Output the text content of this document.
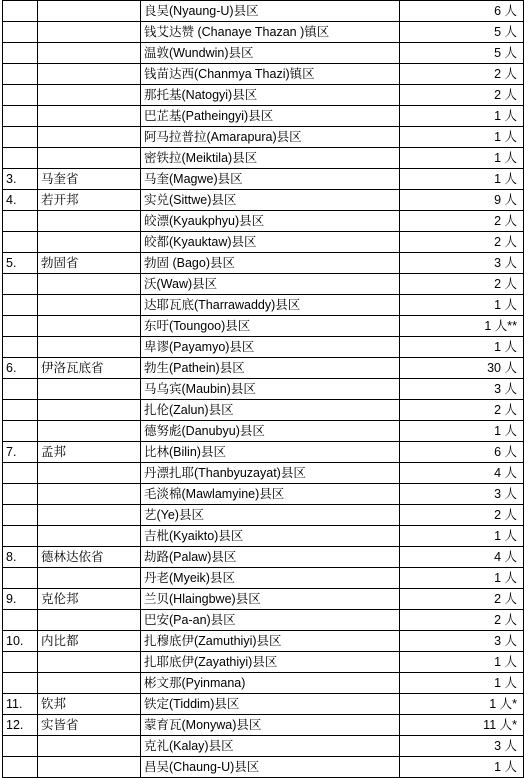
		良吴(Nyaung-U)县区	6 人
		钱艾达赞 (Chanaye Thazan )镇区	5 人
		温敦(Wundwin)县区	5 人
		钱苗达西(Chanmya Thazi)镇区	2 人
		那托基(Natogyi)县区	2 人
		巴芷基(Patheingyi)县区	1 人
		阿马拉普拉(Amarapura)县区	1 人
		密铁拉(Meiktila)县区	1 人
3.	马奎省	马奎(Magwe)县区	1 人
4.	若开邦	实兑(Sittwe)县区	9 人
		皎漂(Kyaukphyu)县区	2 人
		皎都(Kyauktaw)县区	2 人
5.	勃固省	勃固 (Bago)县区	3 人
		沃(Waw)县区	2 人
		达耶瓦底(Tharrawaddy)县区	1 人
		东吁(Toungoo)县区	1 人**
		卑谬(Payamyo)县区	1 人
6.	伊洛瓦底省	勃生(Pathein)县区	30 人
		马乌宾(Maubin)县区	3 人
		扎伦(Zalun)县区	2 人
		德努彪(Danubyu)县区	1 人
7.	孟邦	比林(Bilin)县区	6 人
		丹漂扎耶(Thanbyuzayat)县区	4 人
		毛淡棉(Mawlamyine)县区	3 人
		艺(Ye)县区	2 人
		吉枇(Kyaikto)县区	1 人
8.	德林达依省	劫路(Palaw)县区	4 人
		丹老(Myeik)县区	1 人
9.	克伦邦	兰贝(Hlaingbwe)县区	2 人
		巴安(Pa-an)县区	2 人
10.	内比都	扎穆底伊(Zamuthiyi)县区	3 人
		扎耶底伊(Zayathiyi)县区	1 人
		彬文那(Pyinmana)	1 人
11.	钦邦	铁定(Tiddim)县区	1 人*
12.	实皆省	蒙育瓦(Monywa)县区	11 人*
		克礼(Kalay)县区	3 人
		昌吴(Chaung-U)县区	1 人
